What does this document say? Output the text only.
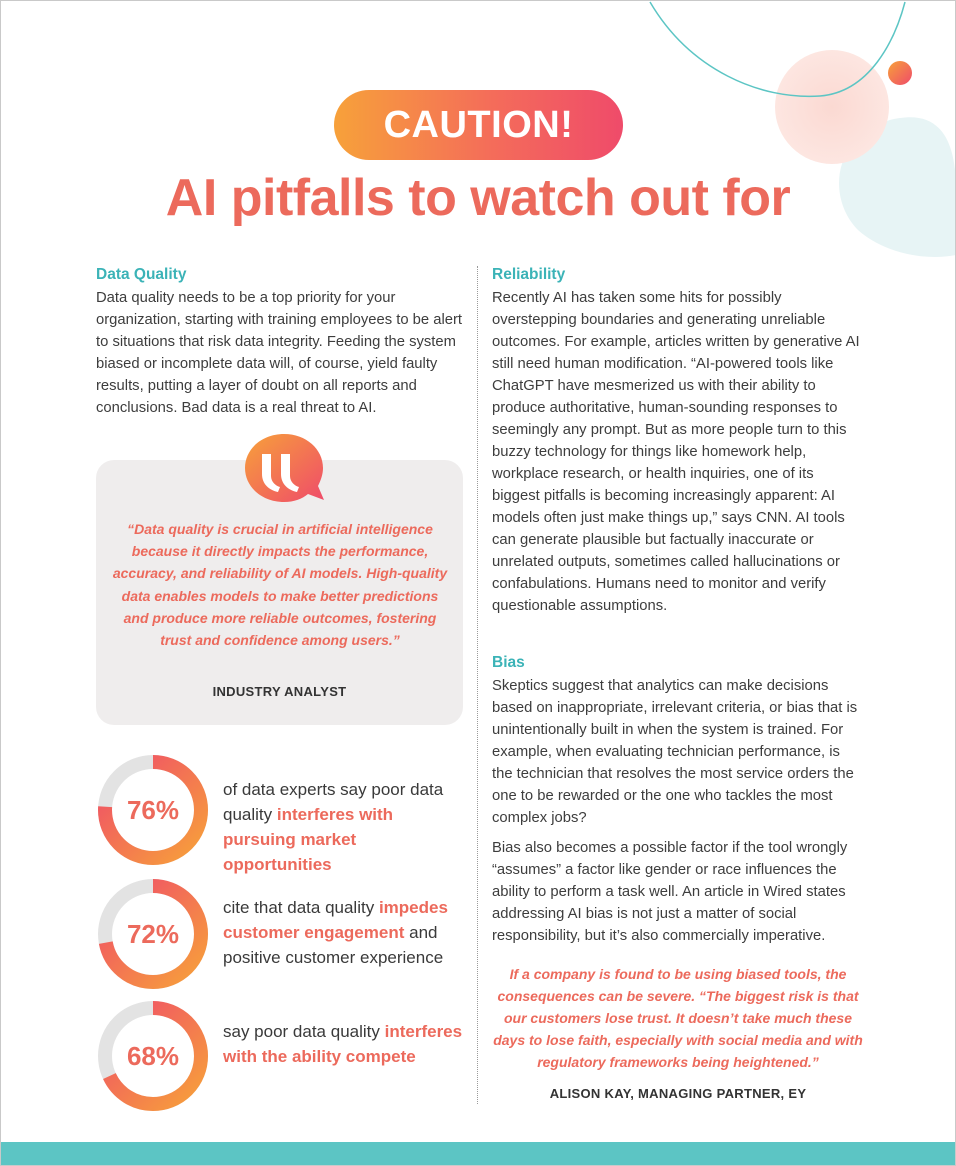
CAUTION!
AI pitfalls to watch out for
Data Quality

Data quality needs to be a top priority for your organization, starting with training employees to be alert to situations that risk data integrity. Feeding the system biased or incomplete data will, of course, yield faulty results, putting a layer of doubt on all reports and conclusions. Bad data is a real threat to AI.

“Data quality is crucial in artificial intelligence because it directly impacts the performance, accuracy, and reliability of AI models. High-quality data enables models to make better predictions and produce more reliable outcomes, fostering trust and confidence among users.”

INDUSTRY ANALYST

76%

of data experts say poor data quality interferes with pursuing market opportunities

72%

cite that data quality impedes customer engagement and positive customer experience

68%

say poor data quality interferes with the ability compete

Reliability

Recently AI has taken some hits for possibly overstepping boundaries and generating unreliable outcomes. For example, articles written by generative AI still need human modification. “AI-powered tools like ChatGPT have mesmerized us with their ability to produce authoritative, human-sounding responses to seemingly any prompt. But as more people turn to this buzzy technology for things like homework help, workplace research, or health inquiries, one of its biggest pitfalls is becoming increasingly apparent: AI models often just make things up,” says CNN. AI tools can generate plausible but factually inaccurate or unrelated outputs, sometimes called hallucinations or confabulations. Humans need to monitor and verify questionable assumptions.

Bias

Skeptics suggest that analytics can make decisions based on inappropriate, irrelevant criteria, or bias that is unintentionally built in when the system is trained. For example, when evaluating technician performance, is the technician that resolves the most service orders the one to be rewarded or the one who tackles the most complex jobs?

Bias also becomes a possible factor if the tool wrongly “assumes” a factor like gender or race influences the ability to perform a task well. An article in Wired states addressing AI bias is not just a matter of social responsibility, but it’s also commercially imperative.

If a company is found to be using biased tools, the consequences can be severe. “The biggest risk is that our customers lose trust. It doesn’t take much these days to lose faith, especially with social media and with regulatory frameworks being heightened.”

ALISON KAY, MANAGING PARTNER, EY
